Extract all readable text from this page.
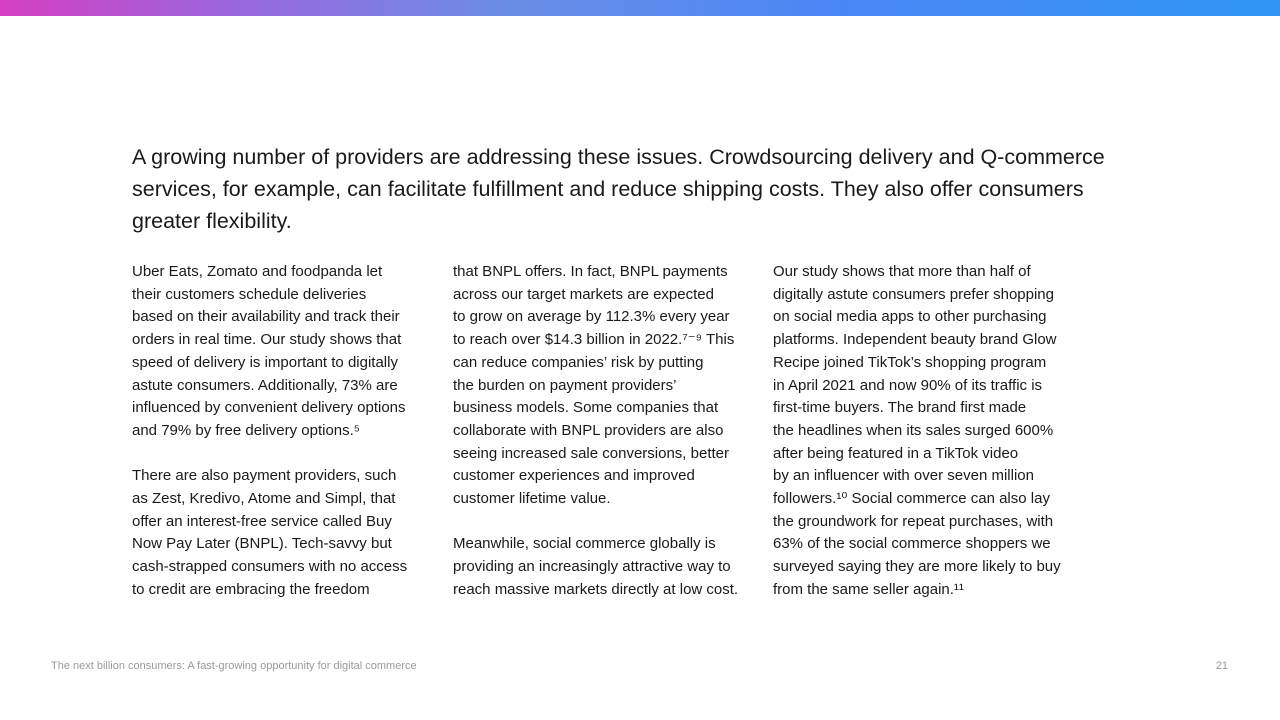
A growing number of providers are addressing these issues. Crowdsourcing delivery and Q-commerce services, for example, can facilitate fulfillment and reduce shipping costs. They also offer consumers greater flexibility.

Uber Eats, Zomato and foodpanda let
their customers schedule deliveries
based on their availability and track their
orders in real time. Our study shows that
speed of delivery is important to digitally
astute consumers. Additionally, 73% are
influenced by convenient delivery options
and 79% by free delivery options.⁵

There are also payment providers, such
as Zest, Kredivo, Atome and Simpl, that
offer an interest-free service called Buy
Now Pay Later (BNPL). Tech-savvy but
cash-strapped consumers with no access
to credit are embracing the freedom

that BNPL offers. In fact, BNPL payments
across our target markets are expected
to grow on average by 112.3% every year
to reach over $14.3 billion in 2022.⁷⁻⁹ This
can reduce companies’ risk by putting
the burden on payment providers’
business models. Some companies that
collaborate with BNPL providers are also
seeing increased sale conversions, better
customer experiences and improved
customer lifetime value.

Meanwhile, social commerce globally is
providing an increasingly attractive way to
reach massive markets directly at low cost.

Our study shows that more than half of
digitally astute consumers prefer shopping
on social media apps to other purchasing
platforms. Independent beauty brand Glow
Recipe joined TikTok’s shopping program
in April 2021 and now 90% of its traffic is
first-time buyers. The brand first made
the headlines when its sales surged 600%
after being featured in a TikTok video
by an influencer with over seven million
followers.¹⁰ Social commerce can also lay
the groundwork for repeat purchases, with
63% of the social commerce shoppers we
surveyed saying they are more likely to buy
from the same seller again.¹¹

The next billion consumers: A fast-growing opportunity for digital commerce	21
